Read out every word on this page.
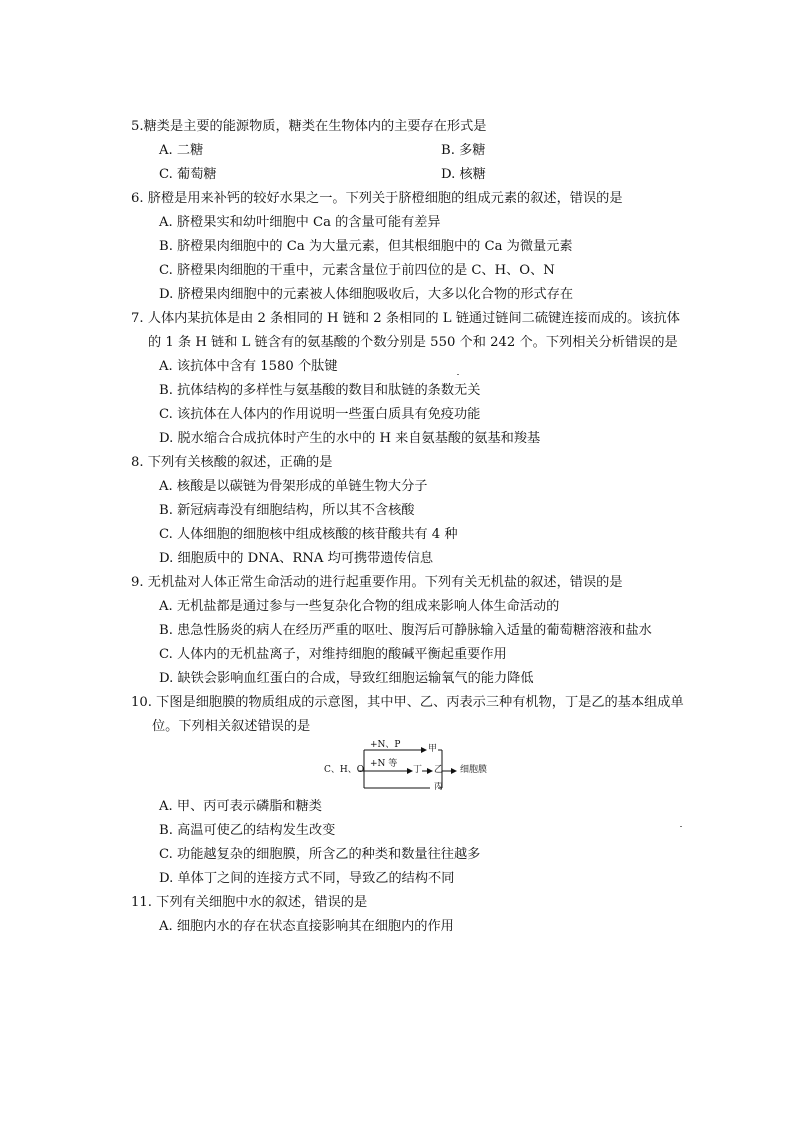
5.糖类是主要的能源物质，糖类在生物体内的主要存在形式是
A. 二糖	B. 多糖
C. 葡萄糖	D. 核糖
6. 脐橙是用来补钙的较好水果之一。下列关于脐橙细胞的组成元素的叙述，错误的是
A. 脐橙果实和幼叶细胞中 Ca 的含量可能有差异
B. 脐橙果肉细胞中的 Ca 为大量元素，但其根细胞中的 Ca 为微量元素
C. 脐橙果肉细胞的干重中，元素含量位于前四位的是 C、H、O、N
D. 脐橙果肉细胞中的元素被人体细胞吸收后，大多以化合物的形式存在
7. 人体内某抗体是由 2 条相同的 H 链和 2 条相同的 L 链通过链间二硫键连接而成的。该抗体
的 1 条 H 链和 L 链含有的氨基酸的个数分别是 550 个和 242 个。下列相关分析错误的是
A. 该抗体中含有 1580 个肽键
B. 抗体结构的多样性与氨基酸的数目和肽链的条数无关
C. 该抗体在人体内的作用说明一些蛋白质具有免疫功能
D. 脱水缩合合成抗体时产生的水中的 H 来自氨基酸的氨基和羧基
8. 下列有关核酸的叙述，正确的是
A. 核酸是以碳链为骨架形成的单链生物大分子
B. 新冠病毒没有细胞结构，所以其不含核酸
C. 人体细胞的细胞核中组成核酸的核苷酸共有 4 种
D. 细胞质中的 DNA、RNA 均可携带遗传信息
9. 无机盐对人体正常生命活动的进行起重要作用。下列有关无机盐的叙述，错误的是
A. 无机盐都是通过参与一些复杂化合物的组成来影响人体生命活动的
B. 患急性肠炎的病人在经历严重的呕吐、腹泻后可静脉输入适量的葡萄糖溶液和盐水
C. 人体内的无机盐离子，对维持细胞的酸碱平衡起重要作用
D. 缺铁会影响血红蛋白的合成，导致红细胞运输氧气的能力降低
10. 下图是细胞膜的物质组成的示意图，其中甲、乙、丙表示三种有机物，丁是乙的基本组成单
位。下列相关叙述错误的是
C、H、O
+N、P
+N 等
甲
丁 乙
丙
细胞膜
A. 甲、丙可表示磷脂和糖类
B. 高温可使乙的结构发生改变
C. 功能越复杂的细胞膜，所含乙的种类和数量往往越多
D. 单体丁之间的连接方式不同，导致乙的结构不同
11. 下列有关细胞中水的叙述，错误的是
A. 细胞内水的存在状态直接影响其在细胞内的作用
